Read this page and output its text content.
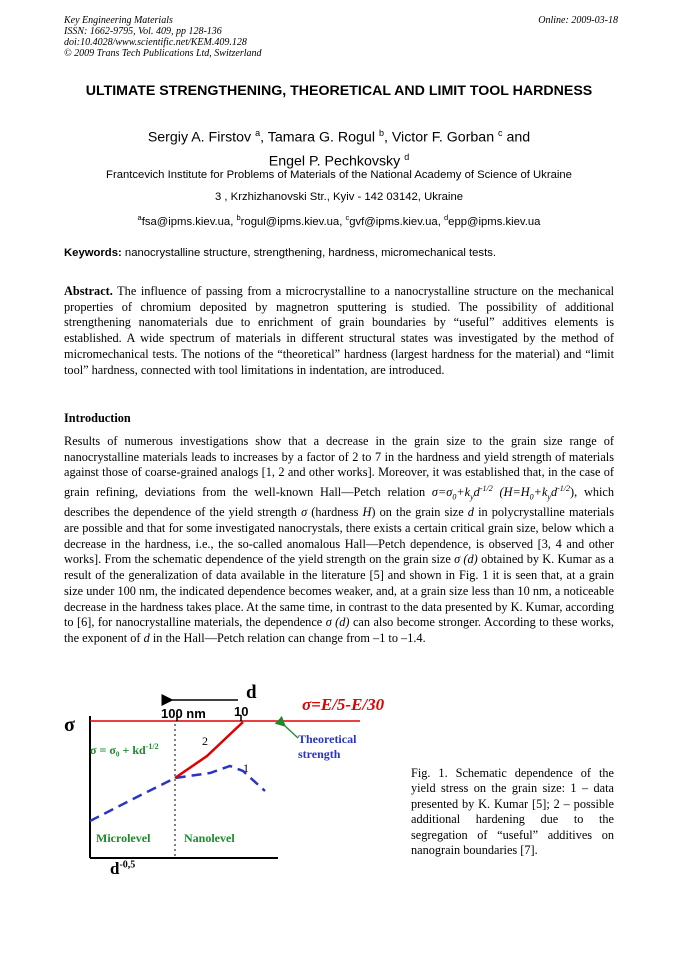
Key Engineering Materials
ISSN: 1662-9795, Vol. 409, pp 128-136
doi:10.4028/www.scientific.net/KEM.409.128
© 2009 Trans Tech Publications Ltd, Switzerland
Online: 2009-03-18
ULTIMATE STRENGTHENING, THEORETICAL AND LIMIT TOOL HARDNESS
Sergiy A. Firstov $^a$, Tamara G. Rogul $^b$, Victor F. Gorban $^c$ and
Engel P. Pechkovsky $^d$
Frantcevich Institute for Problems of Materials of the National Academy of Science of Ukraine
3 , Krzhizhanovski Str., Kyiv - 142 03142, Ukraine
$^a$fsa@ipms.kiev.ua, $^b$rogul@ipms.kiev.ua, $^c$gvf@ipms.kiev.ua, $^d$epp@ipms.kiev.ua
Keywords: nanocrystalline structure, strengthening, hardness, micromechanical tests.
Abstract. The influence of passing from a microcrystalline to a nanocrystalline structure on the mechanical properties of chromium deposited by magnetron sputtering is studied. The possibility of additional strengthening nanomaterials due to enrichment of grain boundaries by “useful” additives elements is established. A wide spectrum of materials in different structural states was investigated by the method of micromechanical tests. The notions of the “theoretical” hardness (largest hardness for the material) and “limit tool” hardness, connected with tool limitations in indentation, are introduced.
Introduction
Results of numerous investigations show that a decrease in the grain size to the grain size range of nanocrystalline materials leads to increases by a factor of 2 to 7 in the hardness and yield strength of materials against those of coarse-grained analogs [1, 2 and other works]. Moreover, it was established that, in the case of grain refining, deviations from the well-known Hall—Petch relation $\sigma=\sigma_0+k_yd^{-1/2}$ $(H=H_0+k_yd^{-1/2})$, which describes the dependence of the yield strength σ (hardness H) on the grain size d in polycrystalline materials are possible and that for some investigated nanocrystals, there exists a certain critical grain size, below which a decrease in the hardness, i.e., the so-called anomalous Hall—Petch dependence, is observed [3, 4 and other works]. From the schematic dependence of the yield strength on the grain size σ (d) obtained by K. Kumar as a result of the generalization of data available in the literature [5] and shown in Fig. 1 it is seen that, at a grain size under 100 nm, the indicated dependence becomes weaker, and, at a grain size less than 10 nm, a noticeable decrease in the hardness takes place. At the same time, in contrast to the data presented by K. Kumar, according to [6], for nanocrystalline materials, the dependence σ (d) can also become stronger. According to these works, the exponent of d in the Hall—Petch relation can change from –1 to –1.4.
d
σ=E/5-E/30
100 nm 10
σ
$\sigma = \sigma_0 + kd^{-1/2}$	2
1
Theoretical
strength
Microlevel	Nanolevel
$d^{-0,5}$
Fig. 1. Schematic dependence of the yield stress on the grain size: 1 – data presented by K. Kumar [5]; 2 – possible additional hardening due to the segregation of “useful” additives on nanograin boundaries [7].
